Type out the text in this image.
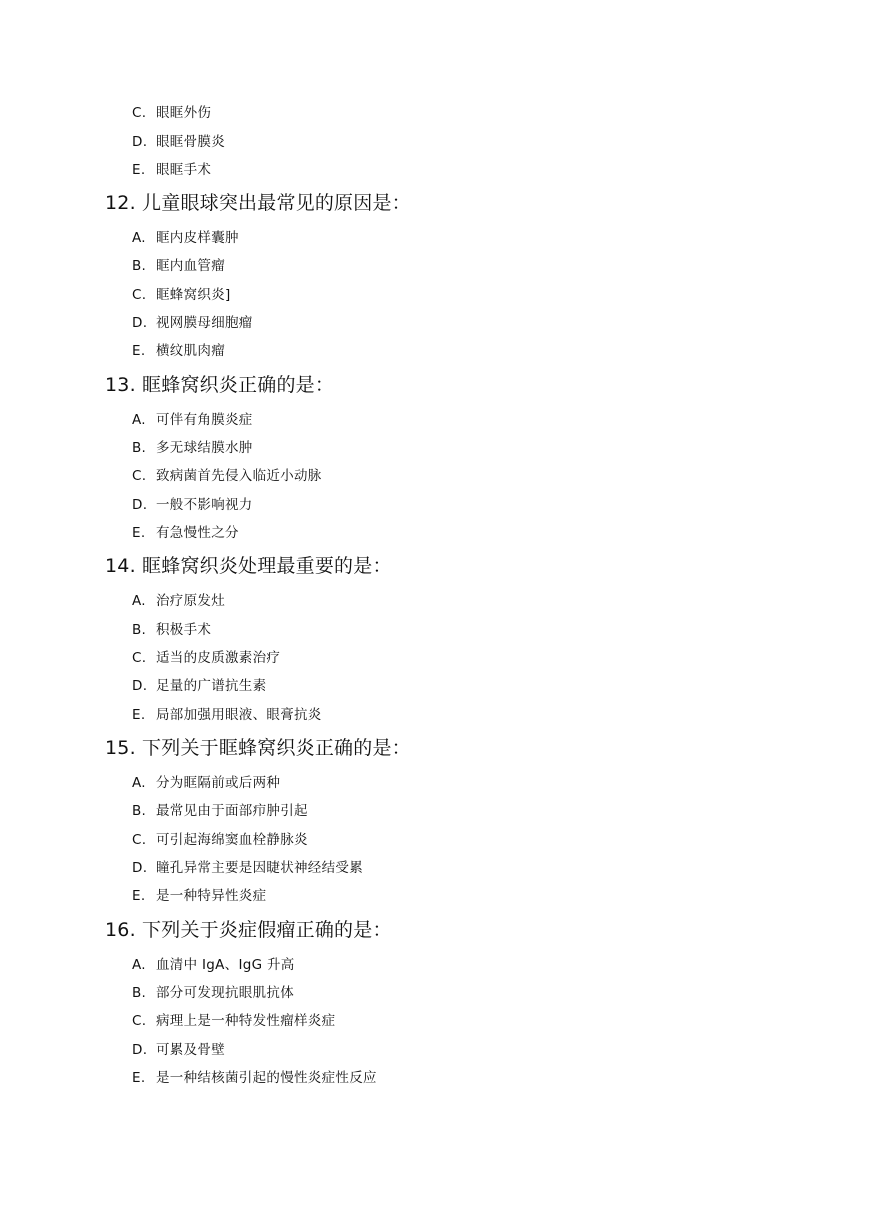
C. 眼眶外伤
D. 眼眶骨膜炎
E. 眼眶手术
12. 儿童眼球突出最常见的原因是：
A. 眶内皮样囊肿
B. 眶内血管瘤
C. 眶蜂窝织炎]
D. 视网膜母细胞瘤
E. 横纹肌肉瘤
13. 眶蜂窝织炎正确的是：
A. 可伴有角膜炎症
B. 多无球结膜水肿
C. 致病菌首先侵入临近小动脉
D. 一般不影响视力
E. 有急慢性之分
14. 眶蜂窝织炎处理最重要的是：
A. 治疗原发灶
B. 积极手术
C. 适当的皮质激素治疗
D. 足量的广谱抗生素
E. 局部加强用眼液、眼膏抗炎
15. 下列关于眶蜂窝织炎正确的是：
A. 分为眶隔前或后两种
B. 最常见由于面部疖肿引起
C. 可引起海绵窦血栓静脉炎
D. 瞳孔异常主要是因睫状神经结受累
E. 是一种特异性炎症
16. 下列关于炎症假瘤正确的是：
A. 血清中 IgA、IgG 升高
B. 部分可发现抗眼肌抗体
C. 病理上是一种特发性瘤样炎症
D. 可累及骨壁
E. 是一种结核菌引起的慢性炎症性反应
